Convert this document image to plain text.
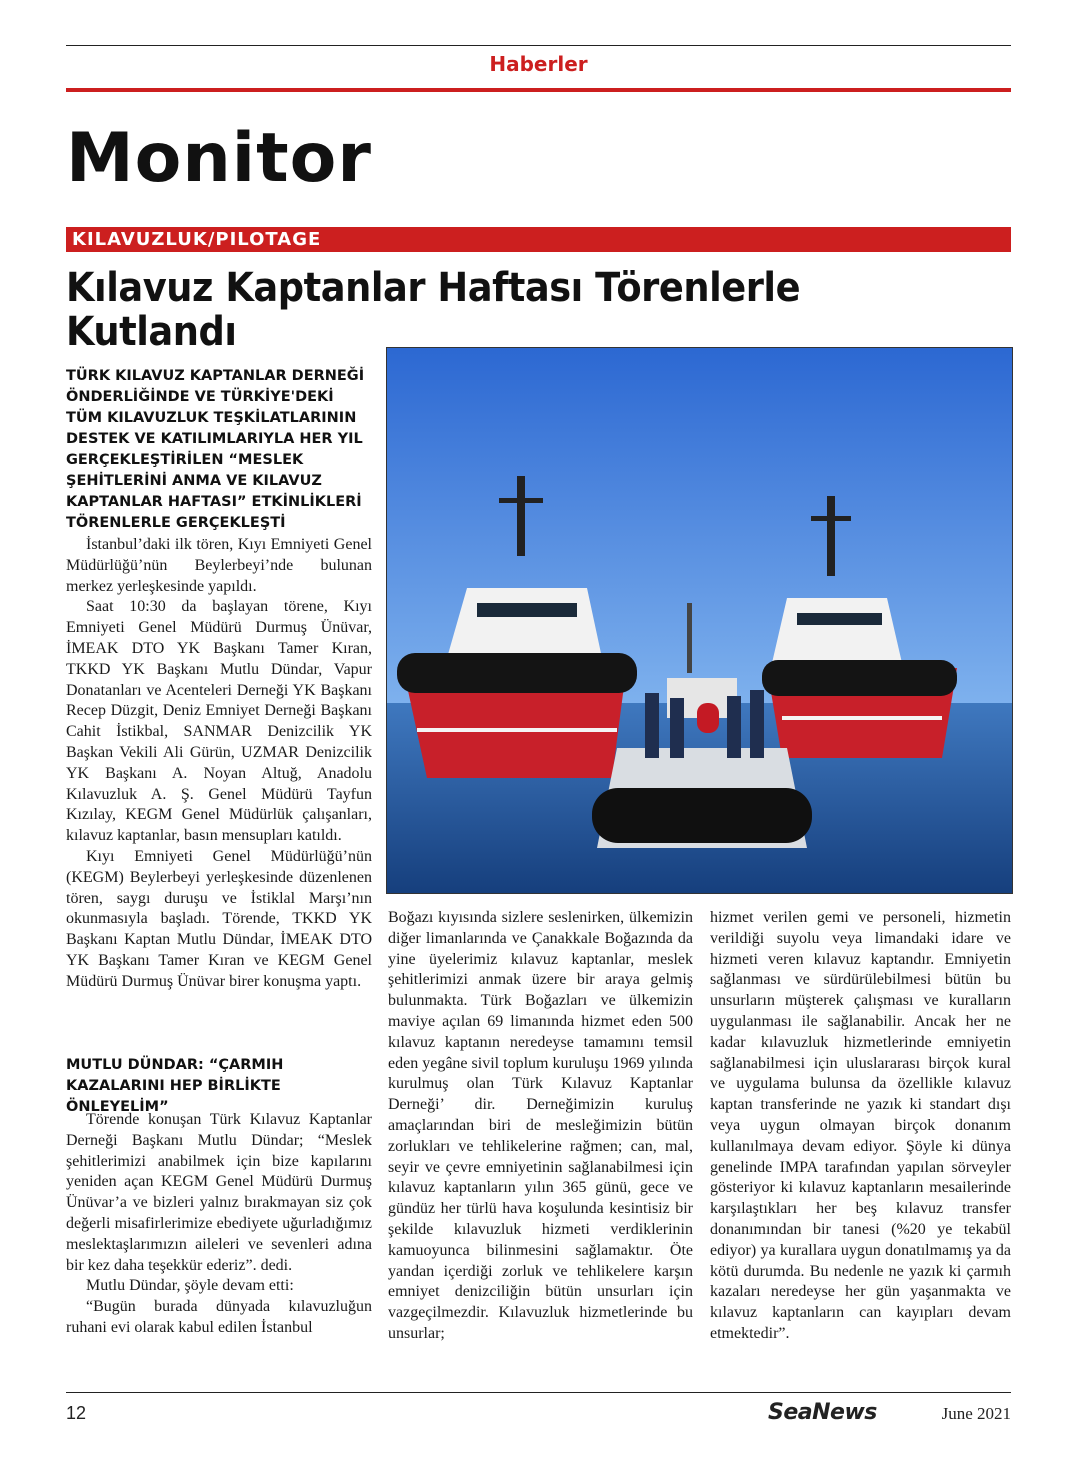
Haberler
Monitor
KILAVUZLUK/PILOTAGE
Kılavuz Kaptanlar Haftası Törenlerle Kutlandı
TÜRK KILAVUZ KAPTANLAR DERNEĞİ ÖNDERLİĞİNDE VE TÜRKİYE'DEKİ TÜM KILAVUZLUK TEŞKİLATLARININ DESTEK VE KATILIMLARIYLA HER YIL GERÇEKLEŞTİRİLEN “MESLEK ŞEHİTLERİNİ ANMA VE KILAVUZ KAPTANLAR HAFTASI” ETKİNLİKLERİ TÖRENLERLE GERÇEKLEŞTİ

İstanbul’daki ilk tören, Kıyı Emniyeti Genel Müdürlüğü’nün Beylerbeyi’nde bulunan merkez yerleşkesinde yapıldı.

Saat 10:30 da başlayan törene, Kıyı Emniyeti Genel Müdürü Durmuş Ünüvar, İMEAK DTO YK Başkanı Tamer Kıran, TKKD YK Başkanı Mutlu Dündar, Vapur Donatanları ve Acenteleri Derneği YK Başkanı Recep Düzgit, Deniz Emniyet Derneği Başkanı Cahit İstikbal, SANMAR Denizcilik YK Başkan Vekili Ali Gürün, UZMAR Denizcilik YK Başkanı A. Noyan Altuğ, Anadolu Kılavuzluk A. Ş. Genel Müdürü Tayfun Kızılay, KEGM Genel Müdürlük çalışanları, kılavuz kaptanlar, basın mensupları katıldı.

Kıyı Emniyeti Genel Müdürlüğü’nün (KEGM) Beylerbeyi yerleşkesinde düzenlenen tören, saygı duruşu ve İstiklal Marşı’nın okunmasıyla başladı. Törende, TKKD YK Başkanı Kaptan Mutlu Dündar, İMEAK DTO YK Başkanı Tamer Kıran ve KEGM Genel Müdürü Durmuş Ünüvar birer konuşma yaptı.

MUTLU DÜNDAR: “ÇARMIH KAZALARINI HEP BİRLİKTE ÖNLEYELİM”

Törende konuşan Türk Kılavuz Kaptanlar Derneği Başkanı Mutlu Dündar; “Meslek şehitlerimizi anabilmek için bize kapılarını yeniden açan KEGM Genel Müdürü Durmuş Ünüvar’a ve bizleri yalnız bırakmayan siz çok değerli misafirlerimize ebediyete uğurladığımız meslektaşlarımızın aileleri ve sevenleri adına bir kez daha teşekkür ederiz”. dedi.

Mutlu Dündar, şöyle devam etti:

“Bugün burada dünyada kılavuzluğun ruhani evi olarak kabul edilen İstanbul

Boğazı kıyısında sizlere seslenirken, ülkemizin diğer limanlarında ve Çanakkale Boğazında da yine üyelerimiz kılavuz kaptanlar, meslek şehitlerimizi anmak üzere bir araya gelmiş bulunmakta. Türk Boğazları ve ülkemizin maviye açılan 69 limanında hizmet eden 500 kılavuz kaptanın neredeyse tamamını temsil eden yegâne sivil toplum kuruluşu 1969 yılında kurulmuş olan Türk Kılavuz Kaptanlar Derneği’ dir. Derneğimizin kuruluş amaçlarından biri de mesleğimizin bütün zorlukları ve tehlikelerine rağmen; can, mal, seyir ve çevre emniyetinin sağlanabilmesi için kılavuz kaptanların yılın 365 günü, gece ve gündüz her türlü hava koşulunda kesintisiz bir şekilde kılavuzluk hizmeti verdiklerinin kamuoyunca bilinmesini sağlamaktır. Öte yandan içerdiği zorluk ve tehlikelere karşın emniyet denizciliğin bütün unsurları için vazgeçilmezdir. Kılavuzluk hizmetlerinde bu unsurlar;

hizmet verilen gemi ve personeli, hizmetin verildiği suyolu veya limandaki idare ve hizmeti veren kılavuz kaptandır. Emniyetin sağlanması ve sürdürülebilmesi bütün bu unsurların müşterek çalışması ve kuralların uygulanması ile sağlanabilir. Ancak her ne kadar kılavuzluk hizmetlerinde emniyetin sağlanabilmesi için uluslararası birçok kural ve uygulama bulunsa da özellikle kılavuz kaptan transferinde ne yazık ki standart dışı veya uygun olmayan birçok donanım kullanılmaya devam ediyor. Şöyle ki dünya genelinde IMPA tarafından yapılan sörveyler gösteriyor ki kılavuz kaptanların mesailerinde karşılaştıkları her beş kılavuz transfer donanımından bir tanesi (%20 ye tekabül ediyor) ya kurallara uygun donatılmamış ya da kötü durumda. Bu nedenle ne yazık ki çarmıh kazaları neredeyse her gün yaşanmakta ve kılavuz kaptanların can kayıpları devam etmektedir”.

12	SeaNews	June 2021
